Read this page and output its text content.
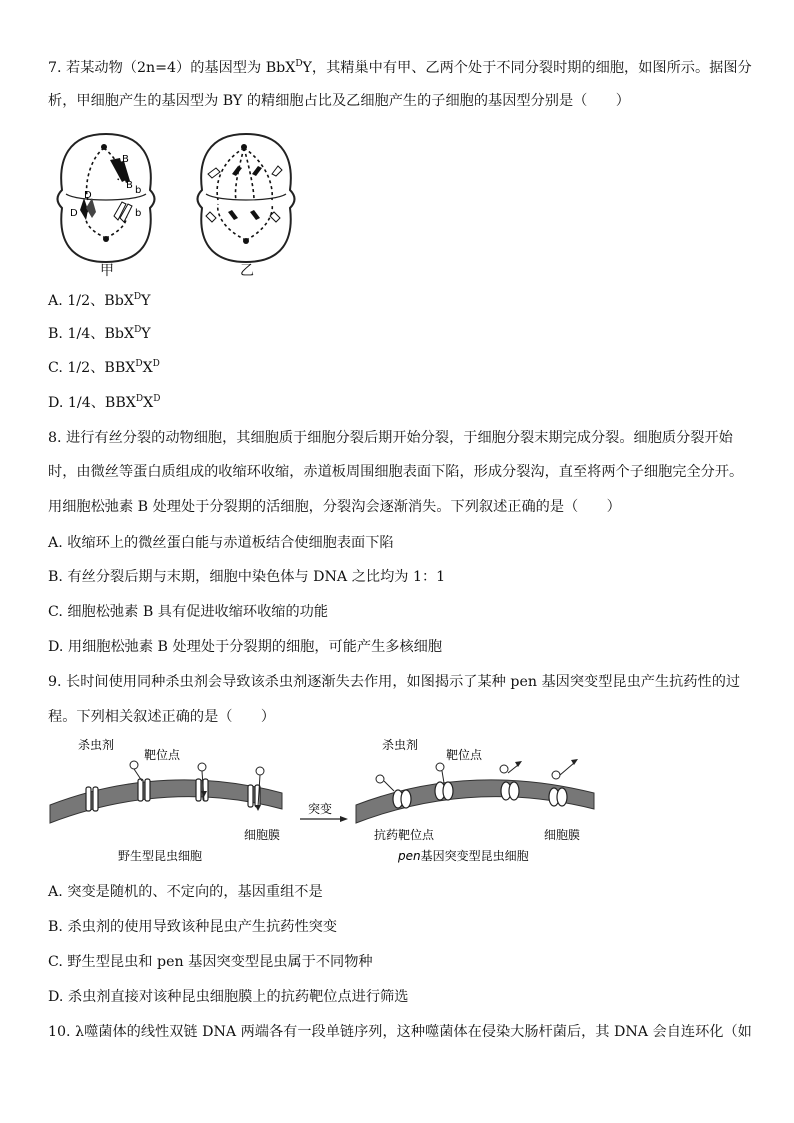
7. 若某动物（2n=4）的基因型为 BbX$^D$Y，其精巢中有甲、乙两个处于不同分裂时期的细胞，如图所示。据图分
析，甲细胞产生的基因型为 BY 的精细胞占比及乙细胞产生的子细胞的基因型分别是（　　）
B
B b
b
D
D
甲	乙
A. 1/2、BbX$^D$Y
B. 1/4、BbX$^D$Y
C. 1/2、$BBX^DX^D$
D. 1/4、$BBX^DX^D$
8. 进行有丝分裂的动物细胞，其细胞质于细胞分裂后期开始分裂，于细胞分裂末期完成分裂。细胞质分裂开始
时，由微丝等蛋白质组成的收缩环收缩，赤道板周围细胞表面下陷，形成分裂沟，直至将两个子细胞完全分开。
用细胞松弛素 B 处理处于分裂期的活细胞，分裂沟会逐渐消失。下列叙述正确的是（　　）
A. 收缩环上的微丝蛋白能与赤道板结合使细胞表面下陷
B. 有丝分裂后期与末期，细胞中染色体与 DNA 之比均为 1：1
C. 细胞松弛素 B 具有促进收缩环收缩的功能
D. 用细胞松弛素 B 处理处于分裂期的细胞，可能产生多核细胞
9. 长时间使用同种杀虫剂会导致该杀虫剂逐渐失去作用，如图揭示了某种 pen 基因突变型昆虫产生抗药性的过
程。下列相关叙述正确的是（　　）
杀虫剂
靶位点
细胞膜
野生型昆虫细胞
突变
杀虫剂
靶位点
抗药靶位点	细胞膜
pen基因突变型昆虫细胞
A. 突变是随机的、不定向的，基因重组不是
B. 杀虫剂的使用导致该种昆虫产生抗药性突变
C. 野生型昆虫和 pen 基因突变型昆虫属于不同物种
D. 杀虫剂直接对该种昆虫细胞膜上的抗药靶位点进行筛选
10. λ噬菌体的线性双链 DNA 两端各有一段单链序列，这种噬菌体在侵染大肠杆菌后，其 DNA 会自连环化（如
